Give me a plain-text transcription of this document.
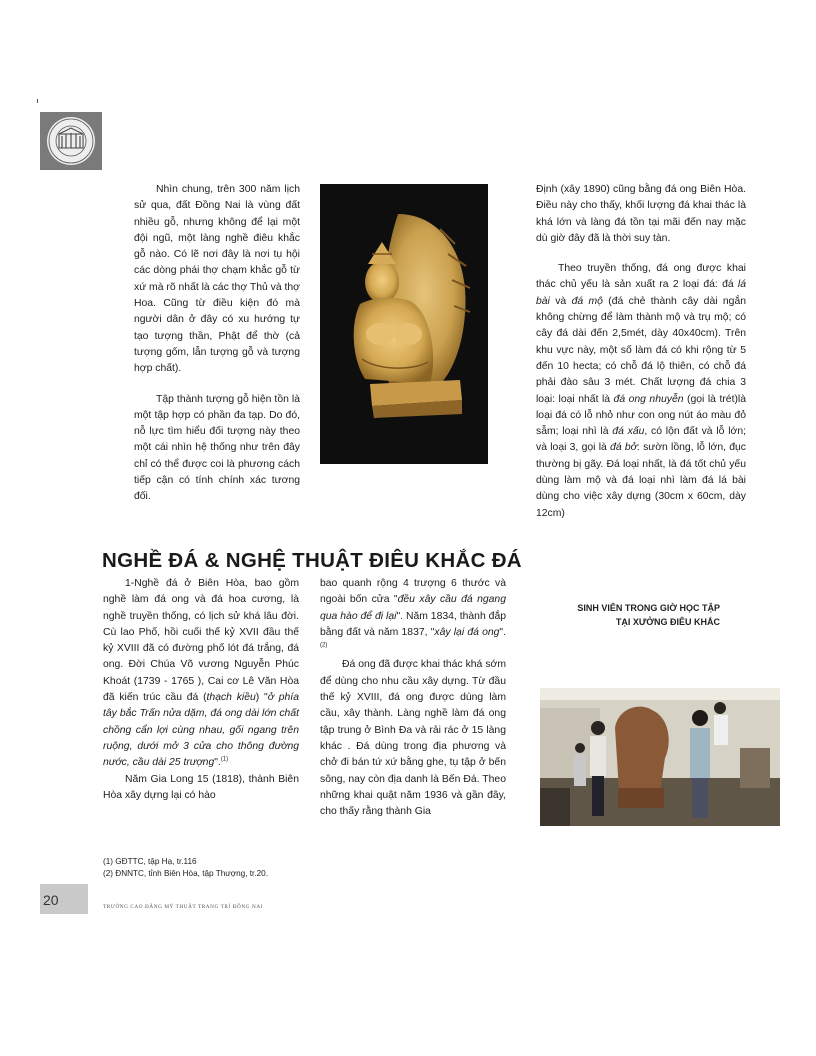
Nhìn chung, trên 300 năm lịch sử qua, đất Đồng Nai là vùng đất nhiều gỗ, nhưng không để lại một đội ngũ, một làng nghề điêu khắc gỗ nào. Có lẽ nơi đây là nơi tụ hội các dòng phái thợ chạm khắc gỗ từ xứ mà rõ nhất là các thợ Thủ và thợ Hoa. Cũng từ điều kiện đó mà người dân ở đây có xu hướng tự tạo tượng thần, Phật để thờ (cả tượng gốm, lẫn tượng gỗ và tượng hợp chất).

Tập thành tượng gỗ hiện tồn là một tập hợp có phần đa tạp. Do đó, nỗ lực tìm hiểu đối tượng này theo một cái nhìn hệ thống như trên đây chỉ có thể được coi là phương cách tiếp cận có tính chính xác tương đối.

Định (xây 1890) cũng bằng đá ong Biên Hòa. Điều này cho thấy, khối lượng đá khai thác là khá lớn và làng đá tồn tại mãi đến nay mặc dù giờ đây đã là thời suy tàn.

Theo truyền thống, đá ong được khai thác chủ yếu là sản xuất ra 2 loại đá: đá lá bài và đá mộ (đá chẻ thành cây dài ngắn không chừng để làm thành mộ và trụ mộ; có cây đá dài đến 2,5mét, dày 40x40cm). Trên khu vực này, một số làm đá có khi rộng từ 5 đến 10 hecta; có chỗ đá lộ thiên, có chỗ đá phải đào sâu 3 mét. Chất lượng đá chia 3 loại: loại nhất là đá ong nhuyễn (gọi là trét)là loại đá có lỗ nhỏ như con ong nút áo màu đỏ sẫm; loại nhì là đá xấu, có lộn đất và lỗ lớn; và loại 3, gọi là đá bở: sườn lồng, lỗ lớn, đục thường bị gãy. Đá loại nhất, là đá tốt chủ yếu dùng làm mộ và đá loại nhì làm đá lá bài dùng cho việc xây dựng (30cm x 60cm, dày 12cm)

NGHỀ ĐÁ & NGHỆ THUẬT ĐIÊU KHẮC ĐÁ

1-Nghề đá ở Biên Hòa, bao gồm nghề làm đá ong và đá hoa cương, là nghề truyền thống, có lịch sử khá lâu đời. Cù lao Phố, hồi cuối thế kỷ XVII đầu thế kỷ XVIII đã có đường phố lót đá trắng, đá ong. Đời Chúa Võ vương Nguyễn Phúc Khoát (1739 - 1765 ), Cai cơ Lê Văn Hòa đã kiến trúc cầu đá (thạch kiều) "ở phía tây bắc Trấn nửa dặm, đá ong dài lớn chất chồng cẩn lợi cùng nhau, gối ngang trên ruộng, dưới mở 3 cửa cho thông đường nước, cầu dài 25 trượng".$^{(1)}$

Năm Gia Long 15 (1818), thành Biên Hòa xây dựng lại có hào

bao quanh rộng 4 trượng 6 thước và ngoài bốn cửa "đều xây cầu đá ngang qua hào để đi lại". Năm 1834, thành đắp bằng đất và năm 1837, "xây lại đá ong".$^{(2)}$

Đá ong đã được khai thác khá sớm để dùng cho nhu cầu xây dựng. Từ đầu thế kỷ XVIII, đá ong được dùng làm cầu, xây thành. Làng nghề làm đá ong tập trung ở Bình Đa và rải rác ở 15 làng khác . Đá dùng trong địa phương và chở đi bán tứ xứ bằng ghe, tụ tập ở bến sông, nay còn địa danh là Bến Đá. Theo những khai quật năm 1936 và gần đây, cho thấy rằng thành Gia

SINH VIÊN TRONG GIỜ HỌC TẬP
TẠI XƯỞNG ĐIÊU KHẮC
(1) GĐTTC, tập Hạ, tr.116
(2) ĐNNTC, tỉnh Biên Hòa, tập Thượng, tr.20.
20	TRƯỜNG CAO ĐẲNG MỸ THUẬT TRANG TRÍ ĐỒNG NAI
